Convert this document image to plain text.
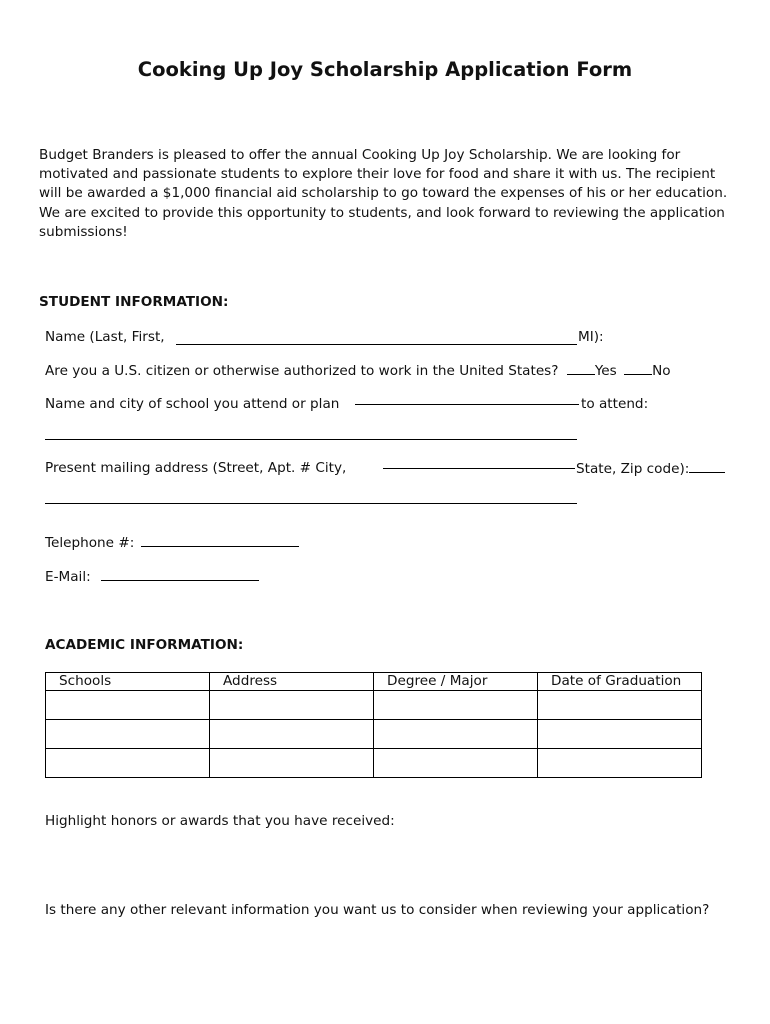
Cooking Up Joy Scholarship Application Form
Budget Branders is pleased to offer the annual Cooking Up Joy Scholarship. We are looking for motivated and passionate students to explore their love for food and share it with us. The recipient will be awarded a $1,000 financial aid scholarship to go toward the expenses of his or her education. We are excited to provide this opportunity to students, and look forward to reviewing the application submissions!
STUDENT INFORMATION:
Name (Last, First,	MI):
Are you a U.S. citizen or otherwise authorized to work in the United States?	Yes	No
Name and city of school you attend or plan	to attend:
Present mailing address (Street, Apt. # City,	State, Zip code):
Telephone #:
E-Mail:
ACADEMIC INFORMATION:
Schools	Address	Degree / Major	Date of Graduation

Highlight honors or awards that you have received:
Is there any other relevant information you want us to consider when reviewing your application?
